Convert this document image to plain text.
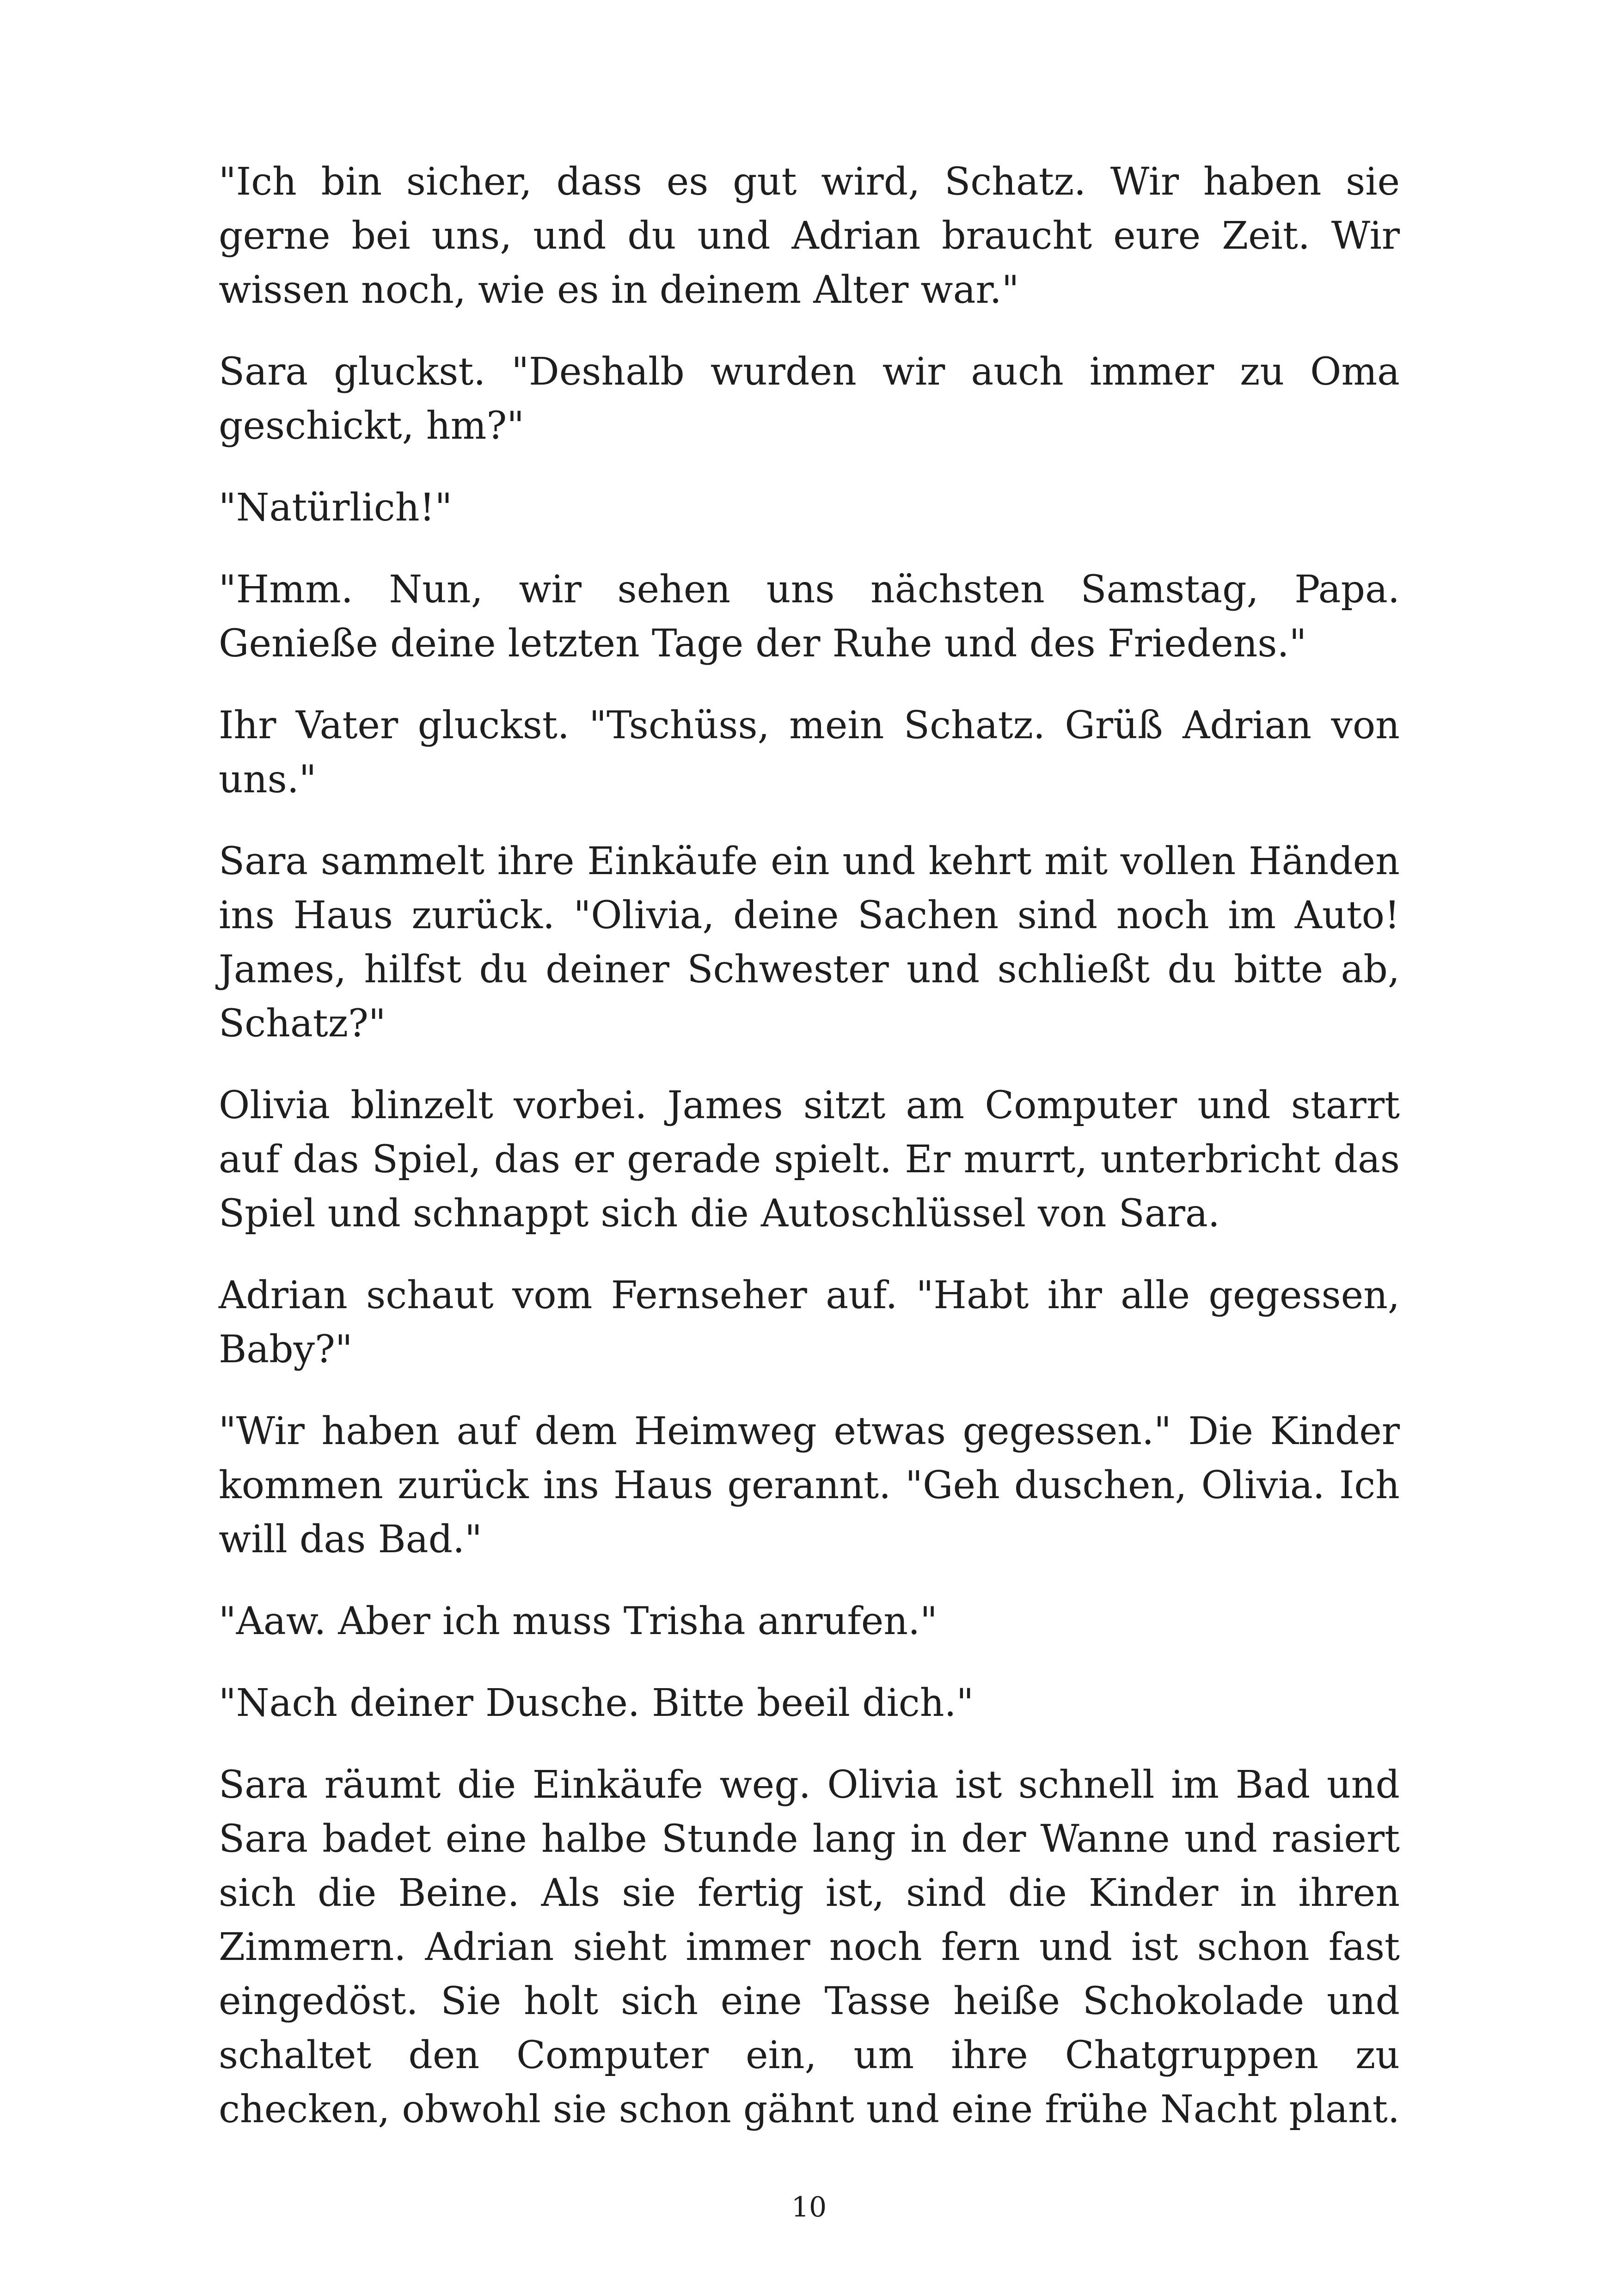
"Ich bin sicher, dass es gut wird, Schatz. Wir haben sie gerne bei uns, und du und Adrian braucht eure Zeit. Wir wissen noch, wie es in deinem Alter war."

Sara gluckst. "Deshalb wurden wir auch immer zu Oma geschickt, hm?"

"Natürlich!"

"Hmm. Nun, wir sehen uns nächsten Samstag, Papa. Genieße deine letzten Tage der Ruhe und des Friedens."

Ihr Vater gluckst. "Tschüss, mein Schatz. Grüß Adrian von uns."

Sara sammelt ihre Einkäufe ein und kehrt mit vollen Händen ins Haus zurück. "Olivia, deine Sachen sind noch im Auto! James, hilfst du deiner Schwester und schließt du bitte ab, Schatz?"

Olivia blinzelt vorbei. James sitzt am Computer und starrt auf das Spiel, das er gerade spielt. Er murrt, unterbricht das Spiel und schnappt sich die Autoschlüssel von Sara.

Adrian schaut vom Fernseher auf. "Habt ihr alle gegessen, Baby?"

"Wir haben auf dem Heimweg etwas gegessen." Die Kinder kommen zurück ins Haus gerannt. "Geh duschen, Olivia. Ich will das Bad."

"Aaw. Aber ich muss Trisha anrufen."

"Nach deiner Dusche. Bitte beeil dich."

Sara räumt die Einkäufe weg. Olivia ist schnell im Bad und Sara badet eine halbe Stunde lang in der Wanne und rasiert sich die Beine. Als sie fertig ist, sind die Kinder in ihren Zimmern. Adrian sieht immer noch fern und ist schon fast eingedöst. Sie holt sich eine Tasse heiße Schokolade und schaltet den Computer ein, um ihre Chatgruppen zu checken, obwohl sie schon gähnt und eine frühe Nacht plant.

10
